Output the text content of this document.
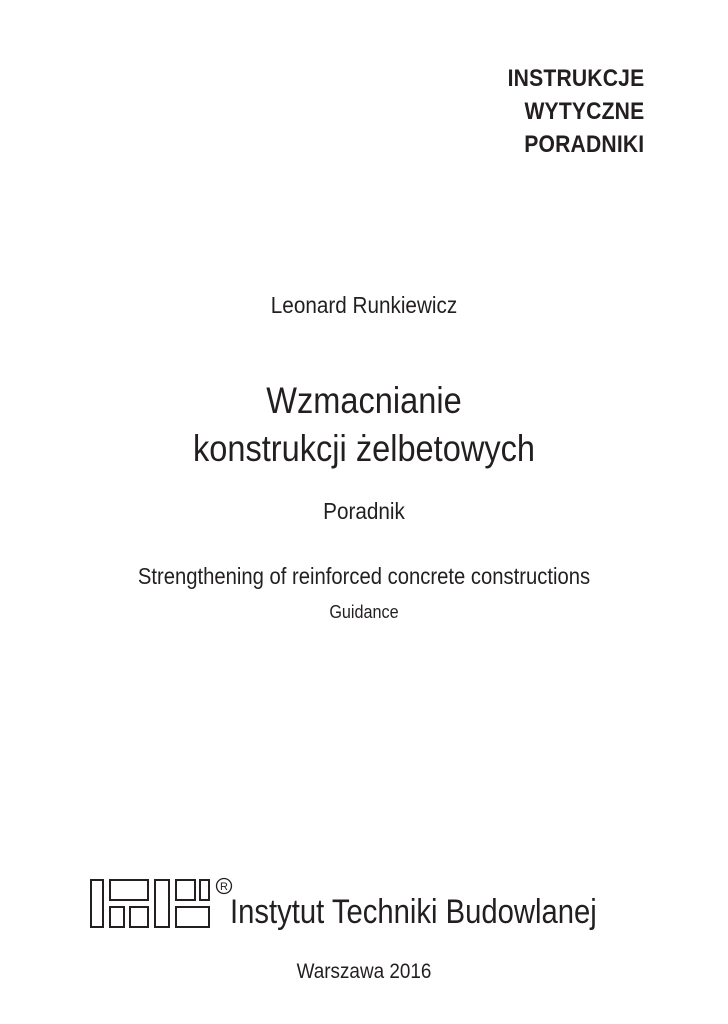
INSTRUKCJE
WYTYCZNE
PORADNIKI
Leonard Runkiewicz
Wzmacnianie
konstrukcji żelbetowych
Poradnik
Strengthening of reinforced concrete constructions
Guidance
R
Instytut Techniki Budowlanej
Warszawa 2016
